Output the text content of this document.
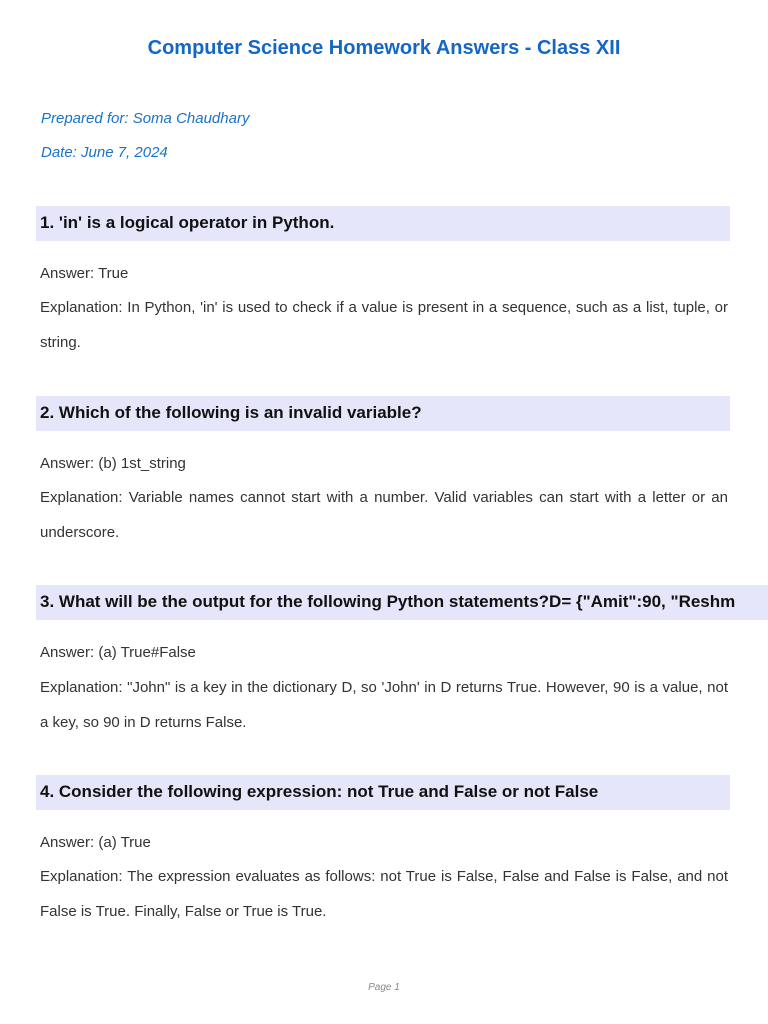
Computer Science Homework Answers - Class XII
Prepared for: Soma Chaudhary
Date: June 7, 2024
1. 'in' is a logical operator in Python.
Answer: True
Explanation: In Python, 'in' is used to check if a value is present in a sequence, such as a list, tuple, or string.
2. Which of the following is an invalid variable?
Answer: (b) 1st_string
Explanation: Variable names cannot start with a number. Valid variables can start with a letter or an underscore.
3. What will be the output for the following Python statements?D= {"Amit":90, "Reshm
Answer: (a) True#False
Explanation: "John" is a key in the dictionary D, so 'John' in D returns True. However, 90 is a value, not a key, so 90 in D returns False.
4. Consider the following expression: not True and False or not False
Answer: (a) True
Explanation: The expression evaluates as follows: not True is False, False and False is False, and not False is True. Finally, False or True is True.
Page 1
